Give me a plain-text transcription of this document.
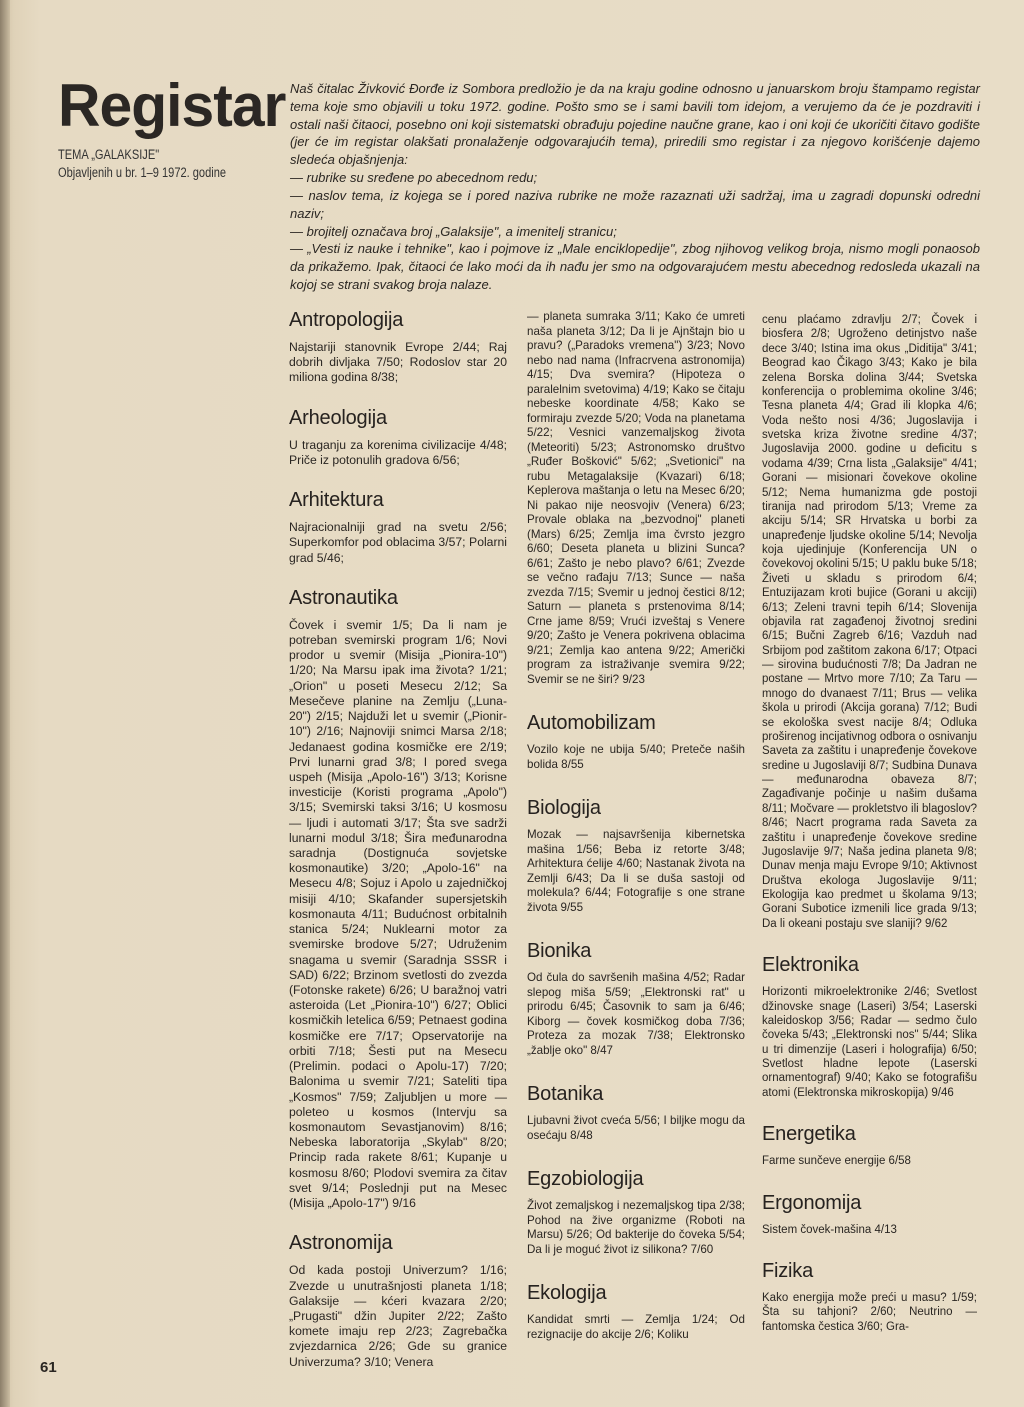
Registar
TEMA „GALAKSIJE"
Objavljenih u br. 1–9 1972. godine

Naš čitalac Živković Đorđe iz Sombora predložio je da na kraju godine odnosno u januarskom broju štampamo registar tema koje smo objavili u toku 1972. godine. Pošto smo se i sami bavili tom idejom, a verujemo da će je pozdraviti i ostali naši čitaoci, posebno oni koji sistematski obrađuju pojedine naučne grane, kao i oni koji će ukoričiti čitavo godište (jer će im registar olakšati pronalaženje odgovarajućih tema), priredili smo registar i za njegovo korišćenje dajemo sledeća objašnjenja:

— rubrike su sređene po abecednom redu;

— naslov tema, iz kojega se i pored naziva rubrike ne može razaznati uži sadržaj, ima u zagradi dopunski odredni naziv;

— brojitelj označava broj „Galaksije", a imenitelj stranicu;

— „Vesti iz nauke i tehnike", kao i pojmove iz „Male enciklopedije", zbog njihovog velikog broja, nismo mogli ponaosob da prikažemo. Ipak, čitaoci će lako moći da ih nađu jer smo na odgovarajućem mestu abecednog redosleda ukazali na kojoj se strani svakog broja nalaze.

Antropologija

Najstariji stanovnik Evrope 2/44; Raj dobrih divljaka 7/50; Rodoslov star 20 miliona godina 8/38;

Arheologija

U traganju za korenima civilizacije 4/48; Priče iz potonulih gradova 6/56;

Arhitektura

Najracionalniji grad na svetu 2/56; Superkomfor pod oblacima 3/57; Polarni grad 5/46;

Astronautika

Čovek i svemir 1/5; Da li nam je potreban svemirski program 1/6; Novi prodor u svemir (Misija „Pionira-10") 1/20; Na Marsu ipak ima života? 1/21; „Orion" u poseti Mesecu 2/12; Sa Mesečeve planine na Zemlju („Luna-20") 2/15; Najduži let u svemir („Pionir-10") 2/16; Najnoviji snimci Marsa 2/18; Jedanaest godina kosmičke ere 2/19; Prvi lunarni grad 3/8; I pored svega uspeh (Misija „Apolo-16") 3/13; Korisne investicije (Koristi programa „Apolo") 3/15; Svemirski taksi 3/16; U kosmosu — ljudi i automati 3/17; Šta sve sadrži lunarni modul 3/18; Šira međunarodna saradnja (Dostignuća sovjetske kosmonautike) 3/20; „Apolo-16" na Mesecu 4/8; Sojuz i Apolo u zajedničkoj misiji 4/10; Skafander supersjetskih kosmonauta 4/11; Budućnost orbitalnih stanica 5/24; Nuklearni motor za svemirske brodove 5/27; Udruženim snagama u svemir (Saradnja SSSR i SAD) 6/22; Brzinom svetlosti do zvezda (Fotonske rakete) 6/26; U baražnoj vatri asteroida (Let „Pionira-10") 6/27; Oblici kosmičkih letelica 6/59; Petnaest godina kosmičke ere 7/17; Opservatorije na orbiti 7/18; Šesti put na Mesecu (Prelimin. podaci o Apolu-17) 7/20; Balonima u svemir 7/21; Sateliti tipa „Kosmos" 7/59; Zaljubljen u more — poleteo u kosmos (Intervju sa kosmonautom Sevastjanovim) 8/16; Nebeska laboratorija „Skylab" 8/20; Princip rada rakete 8/61; Kupanje u kosmosu 8/60; Plodovi svemira za čitav svet 9/14; Poslednji put na Mesec (Misija „Apolo-17") 9/16

Astronomija

Od kada postoji Univerzum? 1/16; Zvezde u unutrašnjosti planeta 1/18; Galaksije — kćeri kvazara 2/20; „Prugasti" džin Jupiter 2/22; Zašto komete imaju rep 2/23; Zagrebačka zvjezdarnica 2/26; Gde su granice Univerzuma? 3/10; Venera

— planeta sumraka 3/11; Kako će umreti naša planeta 3/12; Da li je Ajnštajn bio u pravu? („Paradoks vremena") 3/23; Novo nebo nad nama (Infracrvena astronomija) 4/15; Dva svemira? (Hipoteza o paralelnim svetovima) 4/19; Kako se čitaju nebeske koordinate 4/58; Kako se formiraju zvezde 5/20; Voda na planetama 5/22; Vesnici vanzemaljskog života (Meteoriti) 5/23; Astronomsko društvo „Ruđer Bošković" 5/62; „Svetionici" na rubu Metagalaksije (Kvazari) 6/18; Keplerova maštanja o letu na Mesec 6/20; Ni pakao nije neosvojiv (Venera) 6/23; Provale oblaka na „bezvodnoj" planeti (Mars) 6/25; Zemlja ima čvrsto jezgro 6/60; Deseta planeta u blizini Sunca? 6/61; Zašto je nebo plavo? 6/61; Zvezde se večno rađaju 7/13; Sunce — naša zvezda 7/15; Svemir u jednoj čestici 8/12; Saturn — planeta s prstenovima 8/14; Crne jame 8/59; Vrući izveštaj s Venere 9/20; Zašto je Venera pokrivena oblacima 9/21; Zemlja kao antena 9/22; Američki program za istraživanje svemira 9/22; Svemir se ne širi? 9/23

Automobilizam

Vozilo koje ne ubija 5/40; Preteče naših bolida 8/55

Biologija

Mozak — najsavršenija kibernetska mašina 1/56; Beba iz retorte 3/48; Arhitektura ćelije 4/60; Nastanak života na Zemlji 6/43; Da li se duša sastoji od molekula? 6/44; Fotografije s one strane života 9/55

Bionika

Od čula do savršenih mašina 4/52; Radar slepog miša 5/59; „Elektronski rat" u prirodu 6/45; Časovnik to sam ja 6/46; Kiborg — čovek kosmičkog doba 7/36; Proteza za mozak 7/38; Elektronsko „žablje oko" 8/47

Botanika

Ljubavni život cveća 5/56; I biljke mogu da osećaju 8/48

Egzobiologija

Život zemaljskog i nezemaljskog tipa 2/38; Pohod na žive organizme (Roboti na Marsu) 5/26; Od bakterije do čoveka 5/54; Da li je moguć život iz silikona? 7/60

Ekologija

Kandidat smrti — Zemlja 1/24; Od rezignacije do akcije 2/6; Koliku

cenu plaćamo zdravlju 2/7; Čovek i biosfera 2/8; Ugroženo detinjstvo naše dece 3/40; Istina ima okus „Diditija" 3/41; Beograd kao Čikago 3/43; Kako je bila zelena Borska dolina 3/44; Svetska konferencija o problemima okoline 3/46; Tesna planeta 4/4; Grad ili klopka 4/6; Voda nešto nosi 4/36; Jugoslavija i svetska kriza životne sredine 4/37; Jugoslavija 2000. godine u deficitu s vodama 4/39; Crna lista „Galaksije" 4/41; Gorani — misionari čovekove okoline 5/12; Nema humanizma gde postoji tiranija nad prirodom 5/13; Vreme za akciju 5/14; SR Hrvatska u borbi za unapređenje ljudske okoline 5/14; Nevolja koja ujedinjuje (Konferencija UN o čovekovoj okolini 5/15; U paklu buke 5/18; Živeti u skladu s prirodom 6/4; Entuzijazam kroti bujice (Gorani u akciji) 6/13; Zeleni travni tepih 6/14; Slovenija objavila rat zagađenoj životnoj sredini 6/15; Bučni Zagreb 6/16; Vazduh nad Srbijom pod zaštitom zakona 6/17; Otpaci — sirovina budućnosti 7/8; Da Jadran ne postane — Mrtvo more 7/10; Za Taru — mnogo do dvanaest 7/11; Brus — velika škola u prirodi (Akcija gorana) 7/12; Budi se ekološka svest nacije 8/4; Odluka proširenog incijativnog odbora o osnivanju Saveta za zaštitu i unapređenje čovekove sredine u Jugoslaviji 8/7; Sudbina Dunava — međunarodna obaveza 8/7; Zagađivanje počinje u našim dušama 8/11; Močvare — prokletstvo ili blagoslov? 8/46; Nacrt programa rada Saveta za zaštitu i unapređenje čovekove sredine Jugoslavije 9/7; Naša jedina planeta 9/8; Dunav menja maju Evrope 9/10; Aktivnost Društva ekologa Jugoslavije 9/11; Ekologija kao predmet u školama 9/13; Gorani Subotice izmenili lice grada 9/13; Da li okeani postaju sve slaniji? 9/62

Elektronika

Horizonti mikroelektronike 2/46; Svetlost džinovske snage (Laseri) 3/54; Laserski kaleidoskop 3/56; Radar — sedmo čulo čoveka 5/43; „Elektronski nos" 5/44; Slika u tri dimenzije (Laseri i holografija) 6/50; Svetlost hladne lepote (Laserski ornamentograf) 9/40; Kako se fotografišu atomi (Elektronska mikroskopija) 9/46

Energetika

Farme sunčeve energije 6/58

Ergonomija

Sistem čovek-mašina 4/13

Fizika

Kako energija može preći u masu? 1/59; Šta su tahjoni? 2/60; Neutrino — fantomska čestica 3/60; Gra-

61
